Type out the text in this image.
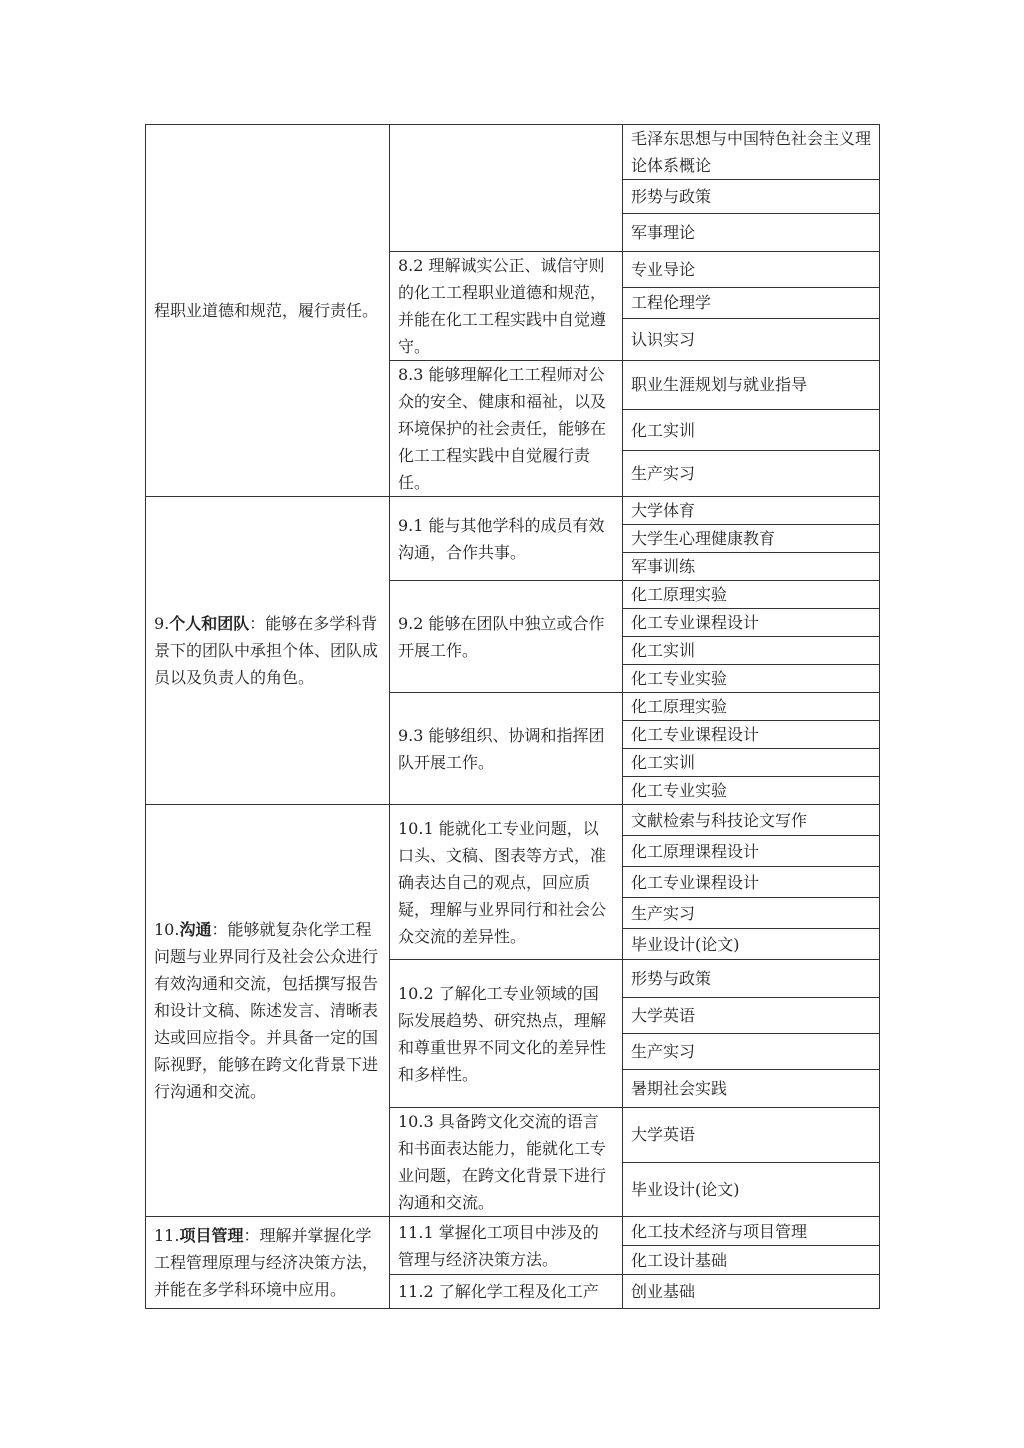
程职业道德和规范，履行责任。		毛泽东思想与中国特色社会主义理论体系概论
		形势与政策
		军事理论
	8.2 理解诚实公正、诚信守则的化工工程职业道德和规范，并能在化工工程实践中自觉遵守。	专业导论
		工程伦理学
		认识实习
	8.3 能够理解化工工程师对公众的安全、健康和福祉，以及环境保护的社会责任，能够在化工工程实践中自觉履行责任。	职业生涯规划与就业指导
		化工实训
		生产实习
9.个人和团队：能够在多学科背景下的团队中承担个体、团队成员以及负责人的角色。	9.1 能与其他学科的成员有效沟通，合作共事。	大学体育
		大学生心理健康教育
		军事训练
	9.2 能够在团队中独立或合作开展工作。	化工原理实验
		化工专业课程设计
		化工实训
		化工专业实验
	9.3 能够组织、协调和指挥团队开展工作。	化工原理实验
		化工专业课程设计
		化工实训
		化工专业实验
10.沟通：能够就复杂化学工程问题与业界同行及社会公众进行有效沟通和交流，包括撰写报告和设计文稿、陈述发言、清晰表达或回应指令。并具备一定的国际视野，能够在跨文化背景下进行沟通和交流。	10.1 能就化工专业问题，以口头、文稿、图表等方式，准确表达自己的观点，回应质疑，理解与业界同行和社会公众交流的差异性。	文献检索与科技论文写作
		化工原理课程设计
		化工专业课程设计
		生产实习
		毕业设计(论文)
	10.2 了解化工专业领域的国际发展趋势、研究热点，理解和尊重世界不同文化的差异性和多样性。	形势与政策
		大学英语
		生产实习
		暑期社会实践
	10.3 具备跨文化交流的语言和书面表达能力，能就化工专业问题，在跨文化背景下进行沟通和交流。	大学英语
		毕业设计(论文)
11.项目管理：理解并掌握化学工程管理原理与经济决策方法，并能在多学科环境中应用。	11.1 掌握化工项目中涉及的管理与经济决策方法。	化工技术经济与项目管理
		化工设计基础
	11.2 了解化学工程及化工产	创业基础
